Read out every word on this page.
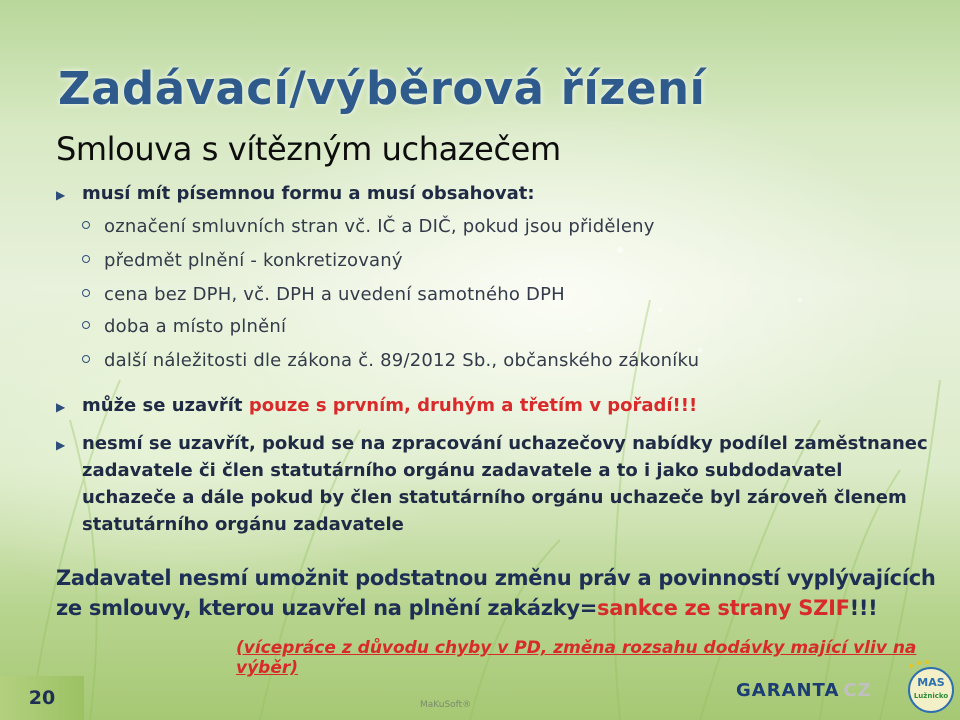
Zadávací/výběrová řízení
Smlouva s vítězným uchazečem
▶ musí mít písemnou formu a musí obsahovat:
označení smluvních stran vč. IČ a DIČ, pokud jsou přiděleny
předmět plnění - konkretizovaný
cena bez DPH, vč. DPH a uvedení samotného DPH
doba a místo plnění
další náležitosti dle zákona č. 89/2012 Sb., občanského zákoníku
▶ může se uzavřít pouze s prvním, druhým a třetím v pořadí!!!
▶ nesmí se uzavřít, pokud se na zpracování uchazečovy nabídky podílel zaměstnanec zadavatele či člen statutárního orgánu zadavatele a to i jako subdodavatel uchazeče a dále pokud by člen statutárního orgánu uchazeče byl zároveň členem statutárního orgánu zadavatele
Zadavatel nesmí umožnit podstatnou změnu práv a povinností vyplývajících ze smlouvy, kterou uzavřel na plnění zakázky=sankce ze strany SZIF!!!
(vícepráce z důvodu chyby v PD, změna rozsahu dodávky mající vliv na výběr)
20	MaKuSoft®
GARANTA CZ	MAS
Lužnicko
